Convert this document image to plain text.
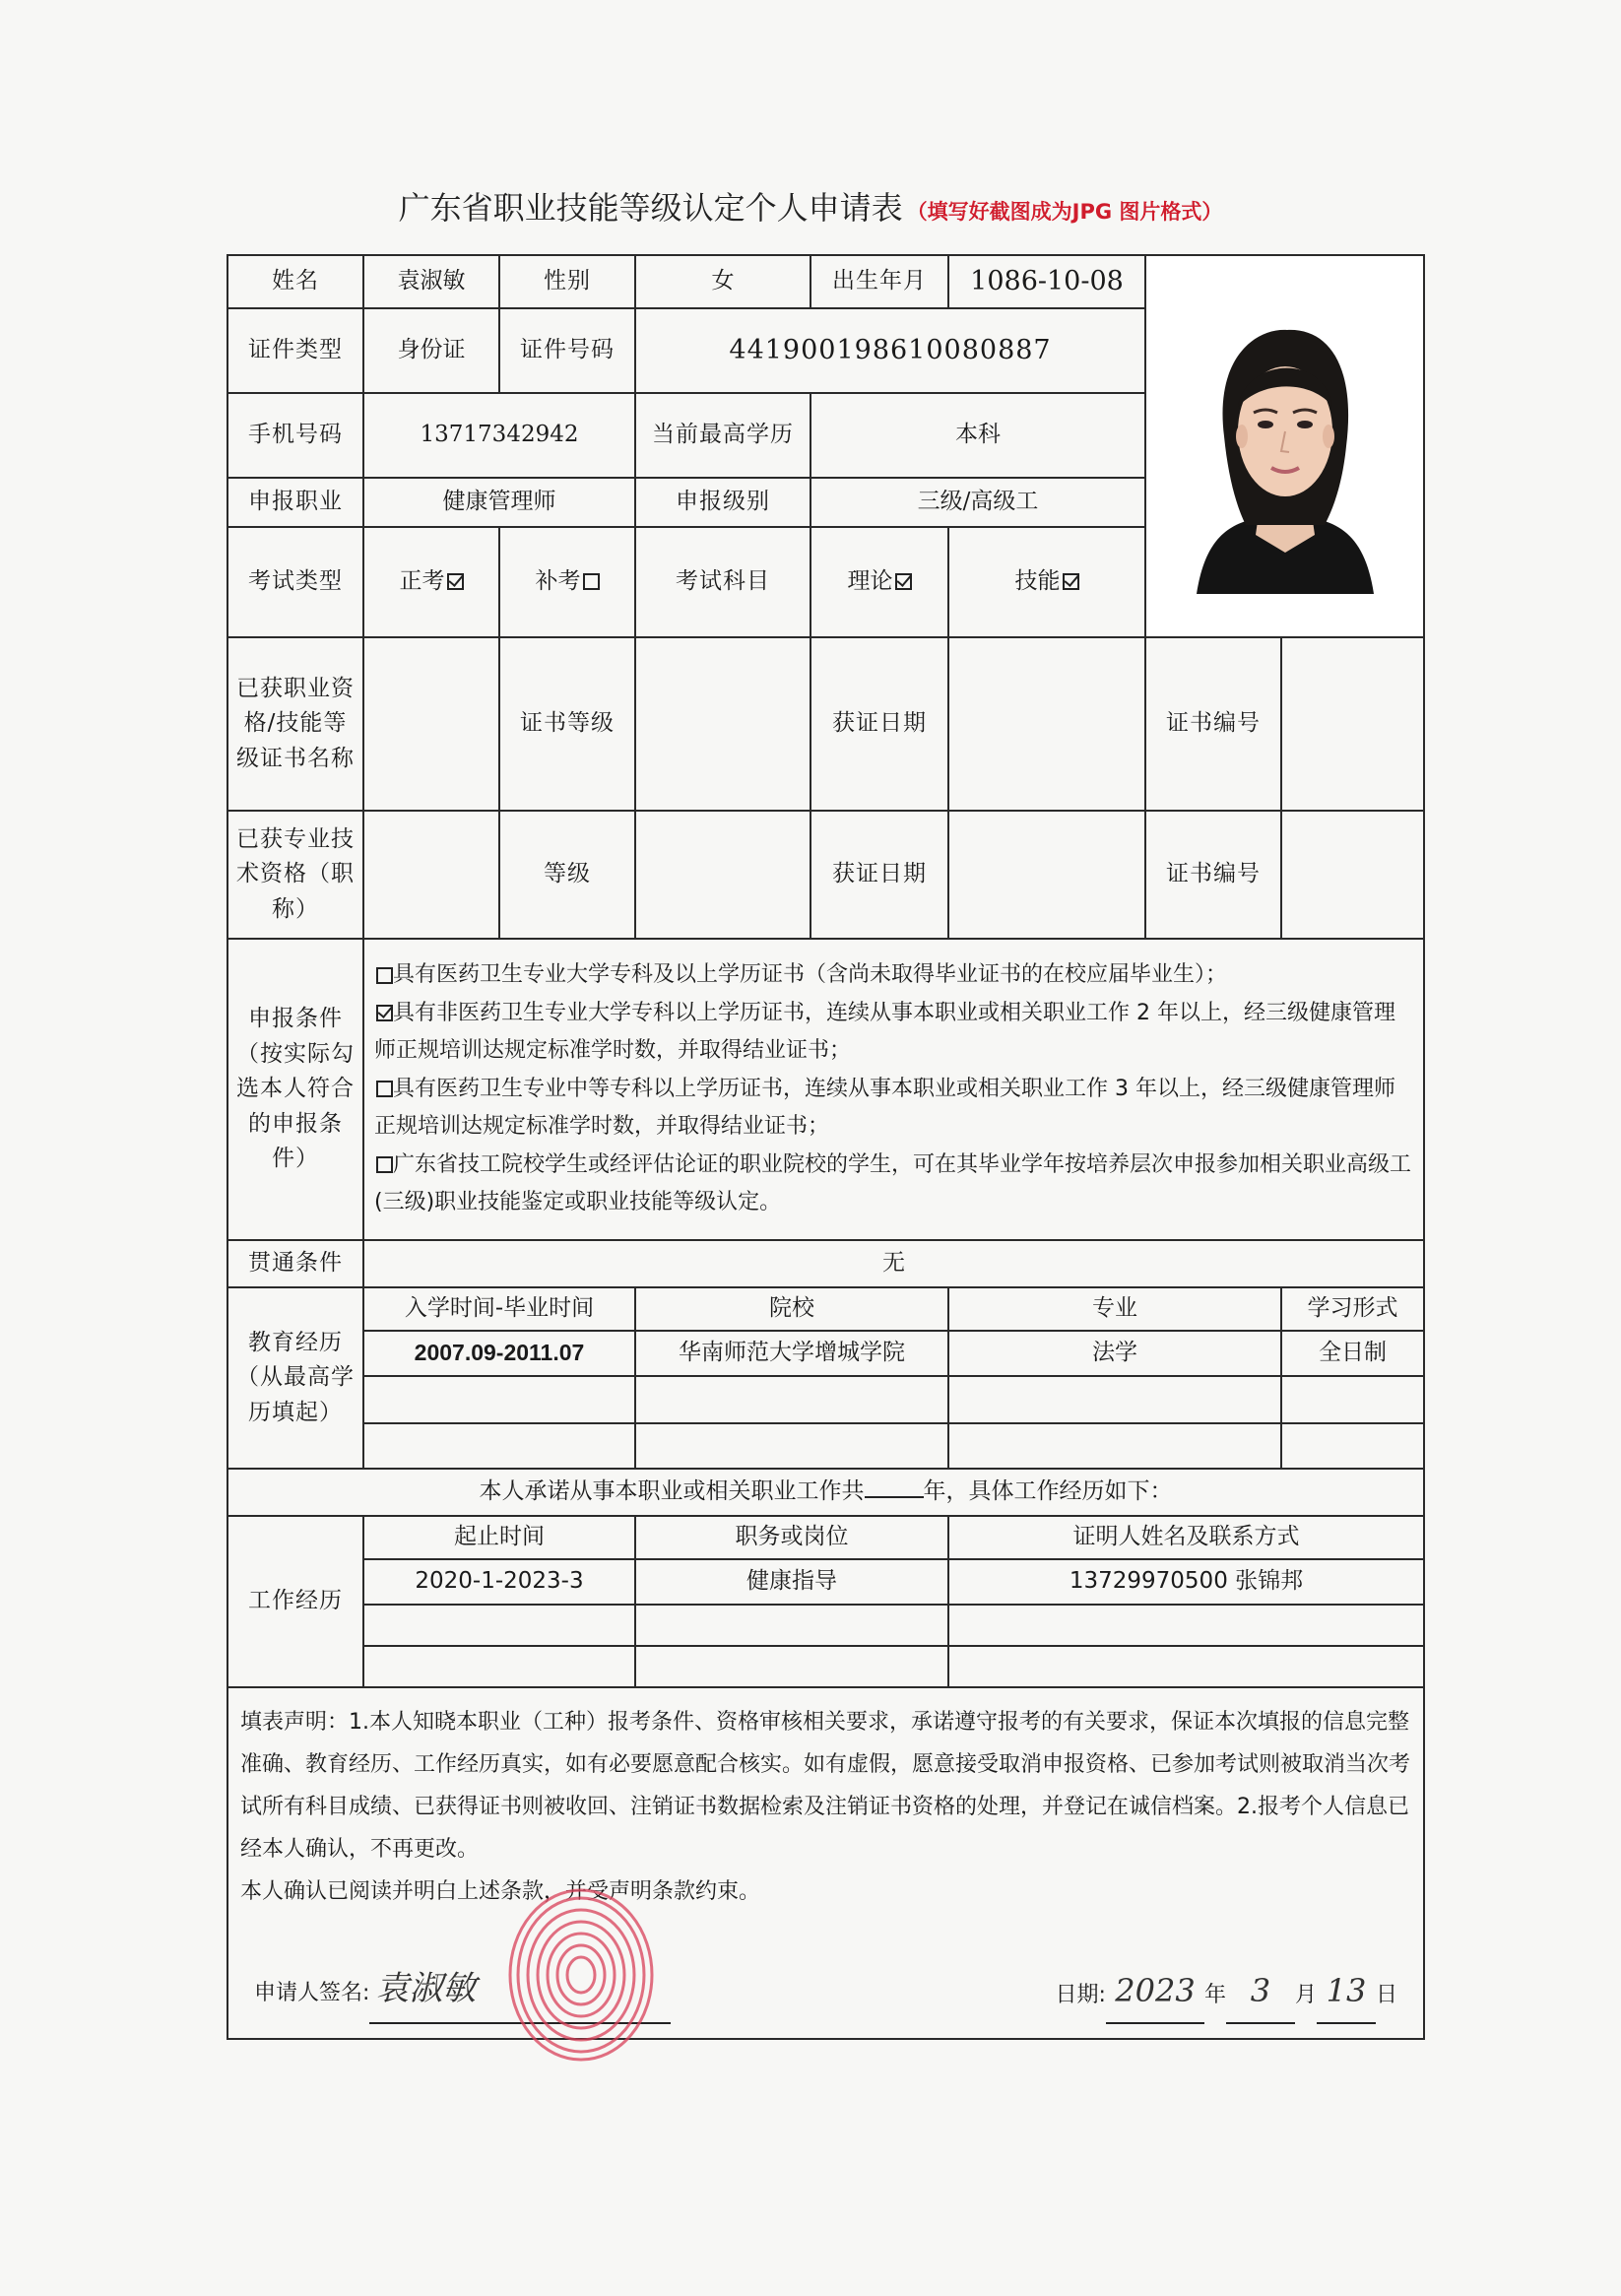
广东省职业技能等级认定个人申请表 （填写好截图成为JPG 图片格式）
姓名	袁淑敏	性别	女	出生年月	1086-10-08	

证件类型	身份证	证件号码	441900198610080887				
手机号码	13717342942		当前最高学历	本科			
申报职业	健康管理师		申报级别	三级/高级工			
考试类型	正考	补考	考试科目	理论	技能		
已获职业资格/技能等级证书名称		证书等级		获证日期		证书编号	
已获专业技术资格（职称）		等级		获证日期		证书编号	
申报条件（按实际勾选本人符合的申报条件）	具有医药卫生专业大学专科及以上学历证书（含尚未取得毕业证书的在校应届毕业生）；

具有非医药卫生专业大学专科以上学历证书，连续从事本职业或相关职业工作 2 年以上，经三级健康管理师正规培训达规定标准学时数，并取得结业证书；

具有医药卫生专业中等专科以上学历证书，连续从事本职业或相关职业工作 3 年以上，经三级健康管理师正规培训达规定标准学时数，并取得结业证书；

广东省技工院校学生或经评估论证的职业院校的学生，可在其毕业学年按培养层次申报参加相关职业高级工(三级)职业技能鉴定或职业技能等级认定。						

贯通条件	无						
教育经历（从最高学历填起）	入学时间-毕业时间		院校		专业		学习形式
	2007.09-2011.07		华南师范大学增城学院		法学		全日制

本人承诺从事本职业或相关职业工作共 年，具体工作经历如下：							
工作经历	起止时间		职务或岗位		证明人姓名及联系方式		
	2020-1-2023-3		健康指导		13729970500 张锦邦		

填表声明：1.本人知晓本职业（工种）报考条件、资格审核相关要求，承诺遵守报考的有关要求，保证本次填报的信息完整准确、教育经历、工作经历真实，如有必要愿意配合核实。如有虚假，愿意接受取消申报资格、已参加考试则被取消当次考试所有科目成绩、已获得证书则被收回、注销证书数据检索及注销证书资格的处理，并登记在诚信档案。2.报考个人信息已经本人确认，不再更改。

本人确认已阅读并明白上述条款，并受声明条款约束。

申请人签名: 袁淑敏 日期: 2023 年 3 月 13 日							
